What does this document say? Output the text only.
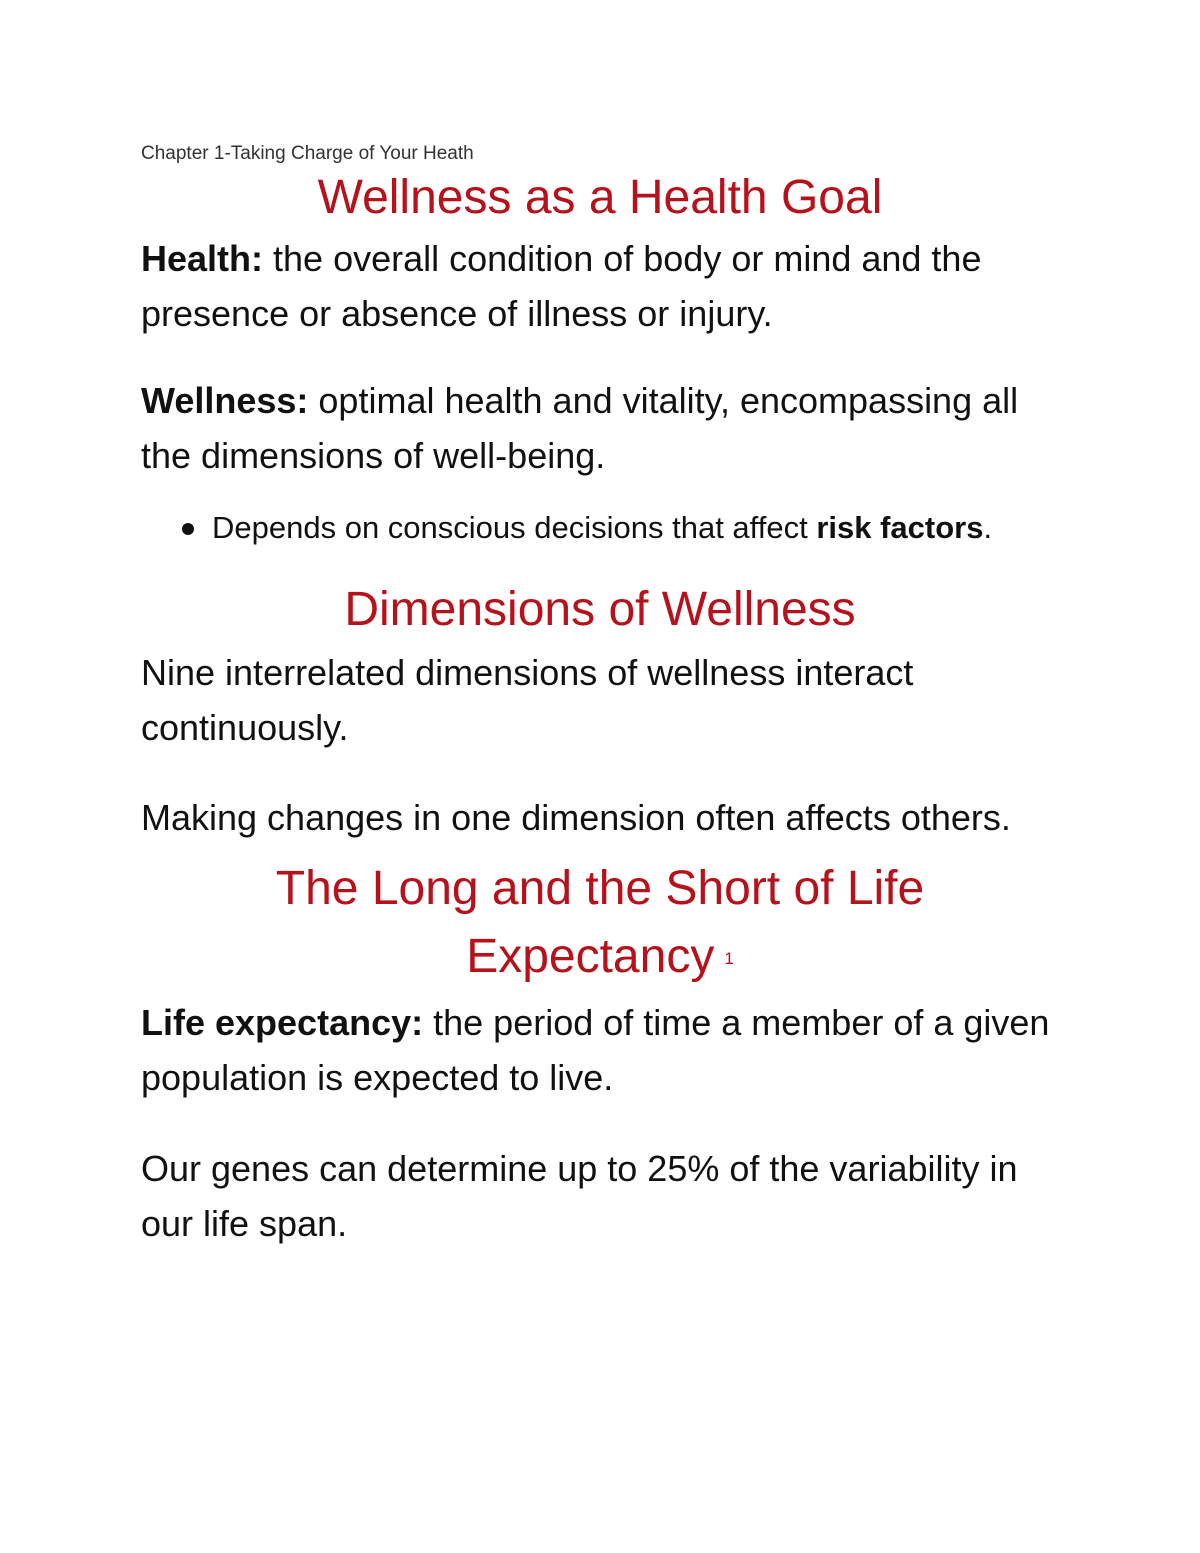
Chapter 1-Taking Charge of Your Heath

Wellness as a Health Goal

Health: the overall condition of body or mind and the presence or absence of illness or injury.

Wellness: optimal health and vitality, encompassing all the dimensions of well-being.

Depends on conscious decisions that affect risk factors.
Dimensions of Wellness

Nine interrelated dimensions of wellness interact continuously.

Making changes in one dimension often affects others.

The Long and the Short of Life Expectancy 1

Life expectancy: the period of time a member of a given population is expected to live.

Our genes can determine up to 25% of the variability in our life span.
